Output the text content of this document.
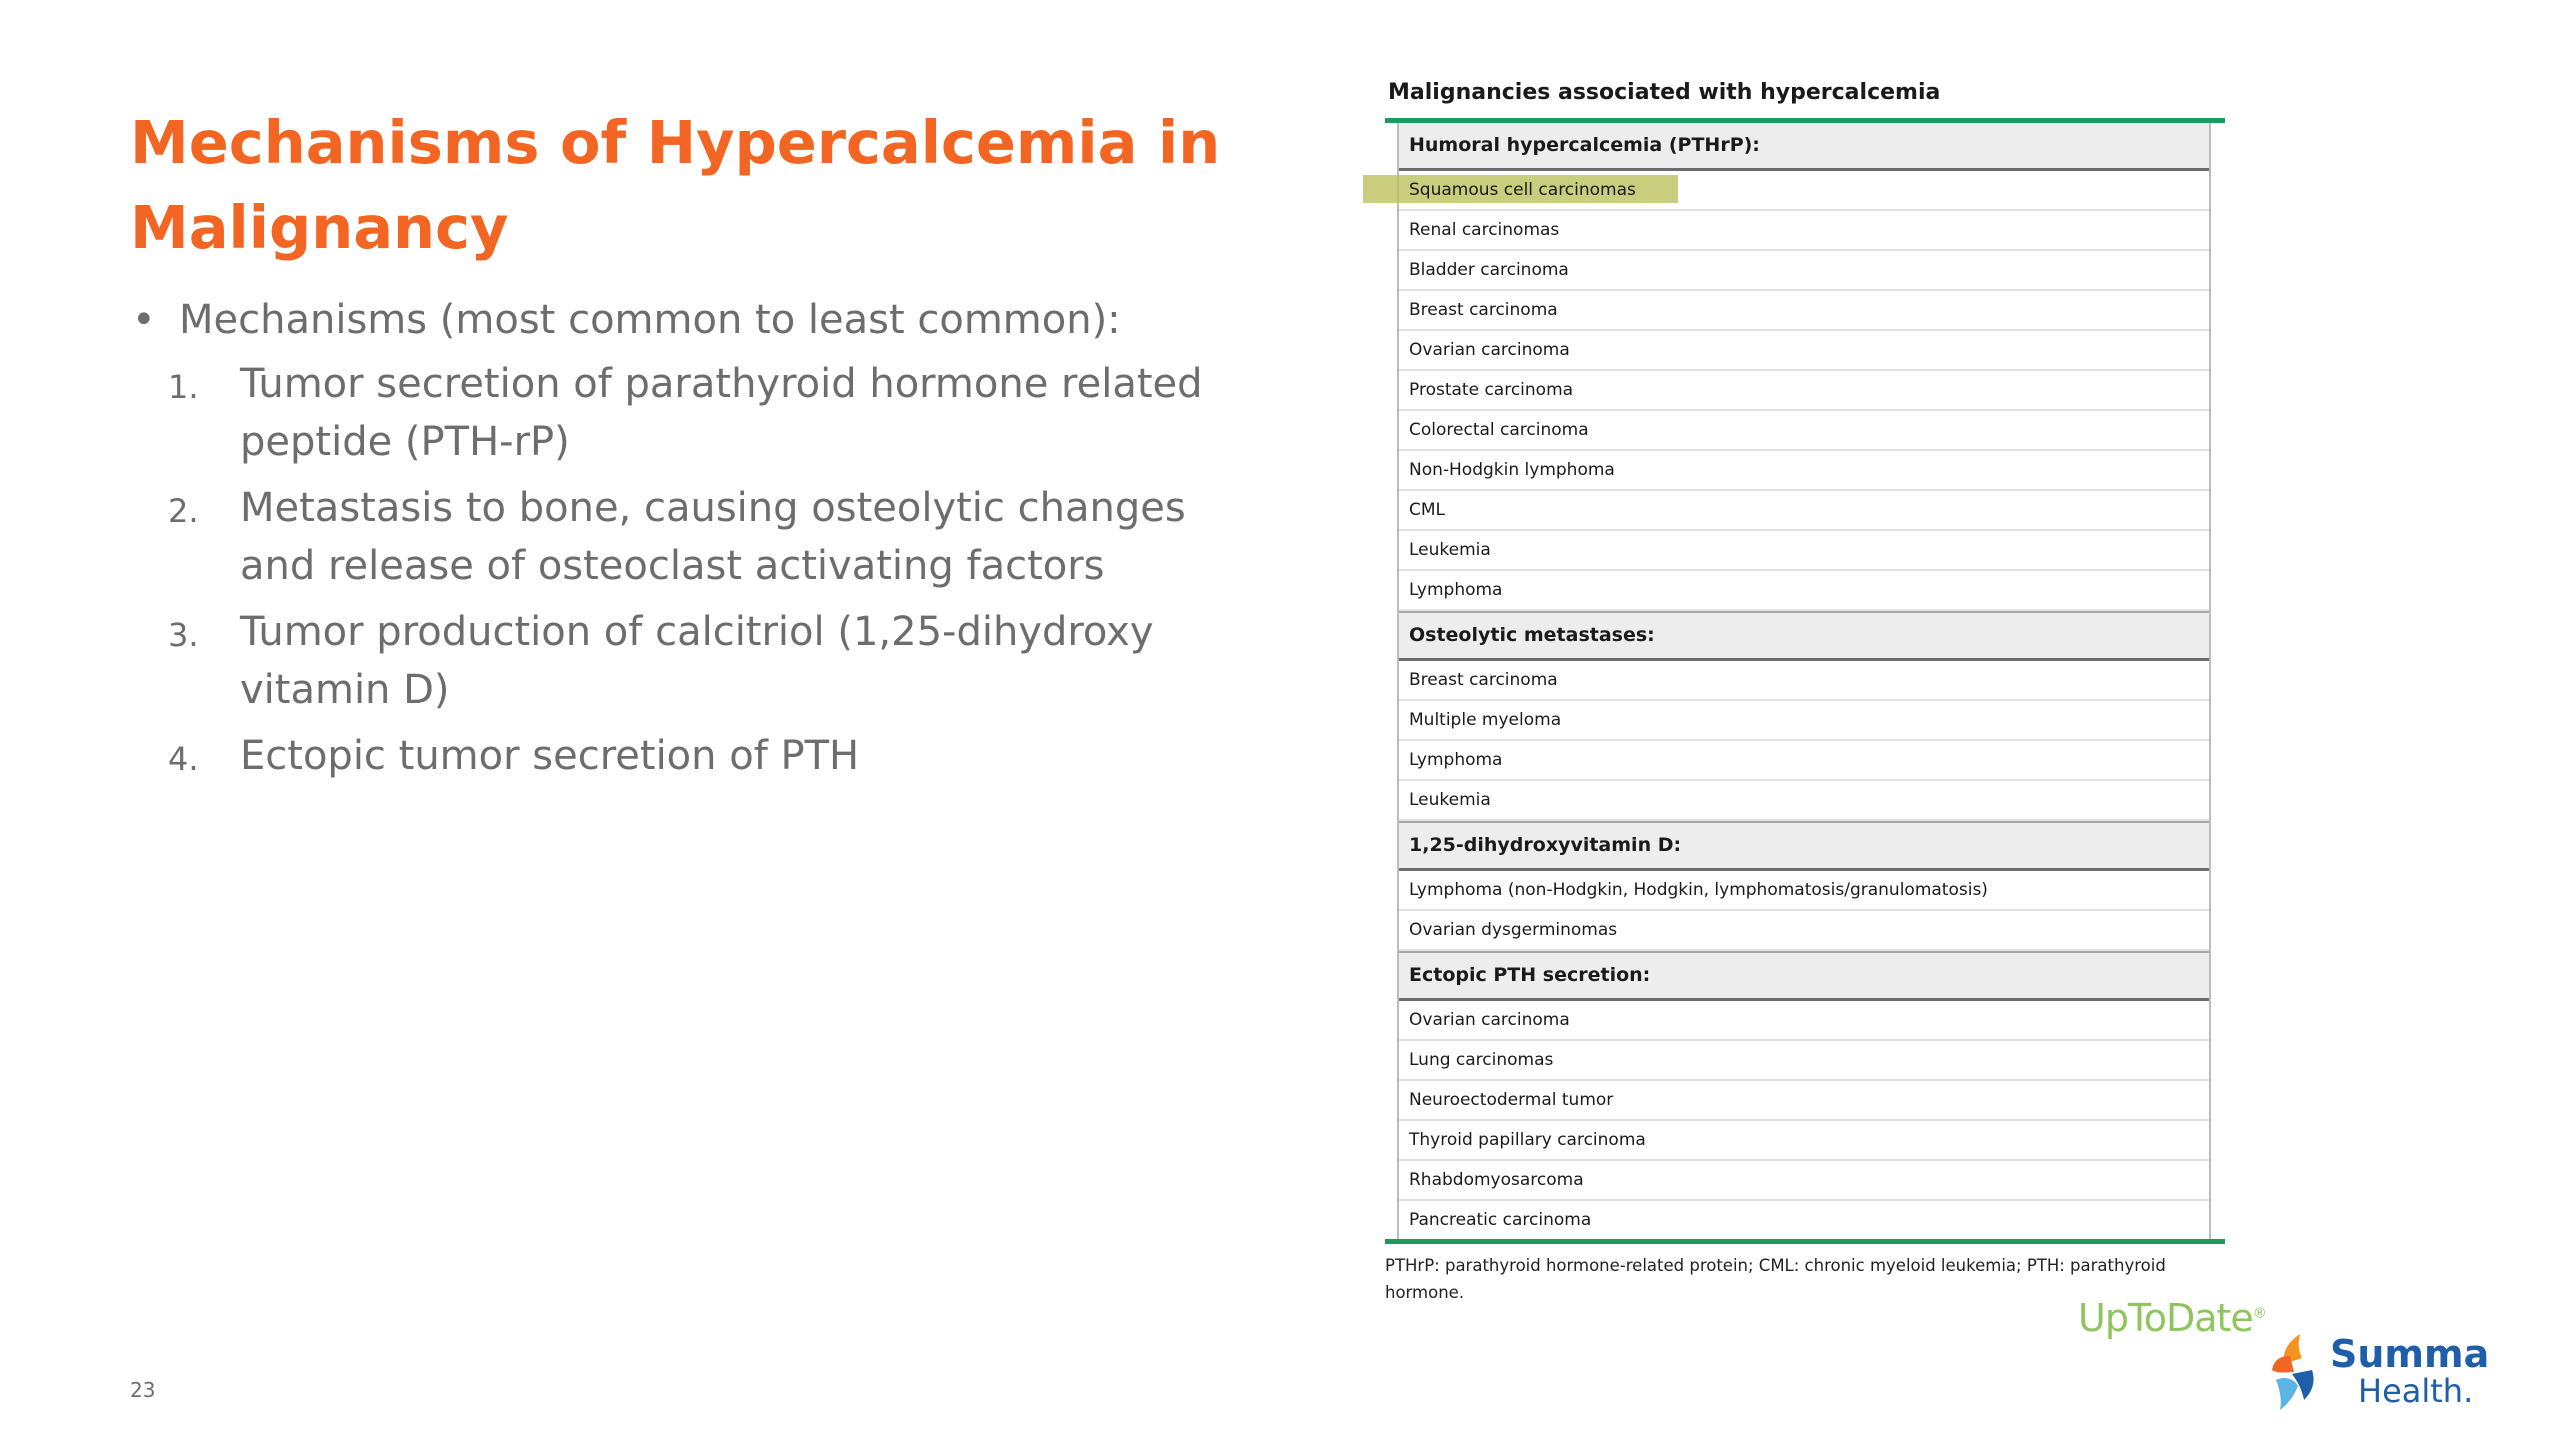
Mechanisms of Hypercalcemia in Malignancy
• Mechanisms (most common to least common):
1. Tumor secretion of parathyroid hormone related peptide (PTH-rP)
2. Metastasis to bone, causing osteolytic changes and release of osteoclast activating factors
3. Tumor production of calcitriol (1,25-dihydroxy vitamin D)
4. Ectopic tumor secretion of PTH
Malignancies associated with hypercalcemia
Humoral hypercalcemia (PTHrP):
Squamous cell carcinomas
Renal carcinomas
Bladder carcinoma
Breast carcinoma
Ovarian carcinoma
Prostate carcinoma
Colorectal carcinoma
Non-Hodgkin lymphoma
CML
Leukemia
Lymphoma
Osteolytic metastases:
Breast carcinoma
Multiple myeloma
Lymphoma
Leukemia
1,25-dihydroxyvitamin D:
Lymphoma (non-Hodgkin, Hodgkin, lymphomatosis/granulomatosis)
Ovarian dysgerminomas
Ectopic PTH secretion:
Ovarian carcinoma
Lung carcinomas
Neuroectodermal tumor
Thyroid papillary carcinoma
Rhabdomyosarcoma
Pancreatic carcinoma
PTHrP: parathyroid hormone-related protein; CML: chronic myeloid leukemia; PTH: parathyroid hormone.
UpToDate®
23
Summa
Health.
